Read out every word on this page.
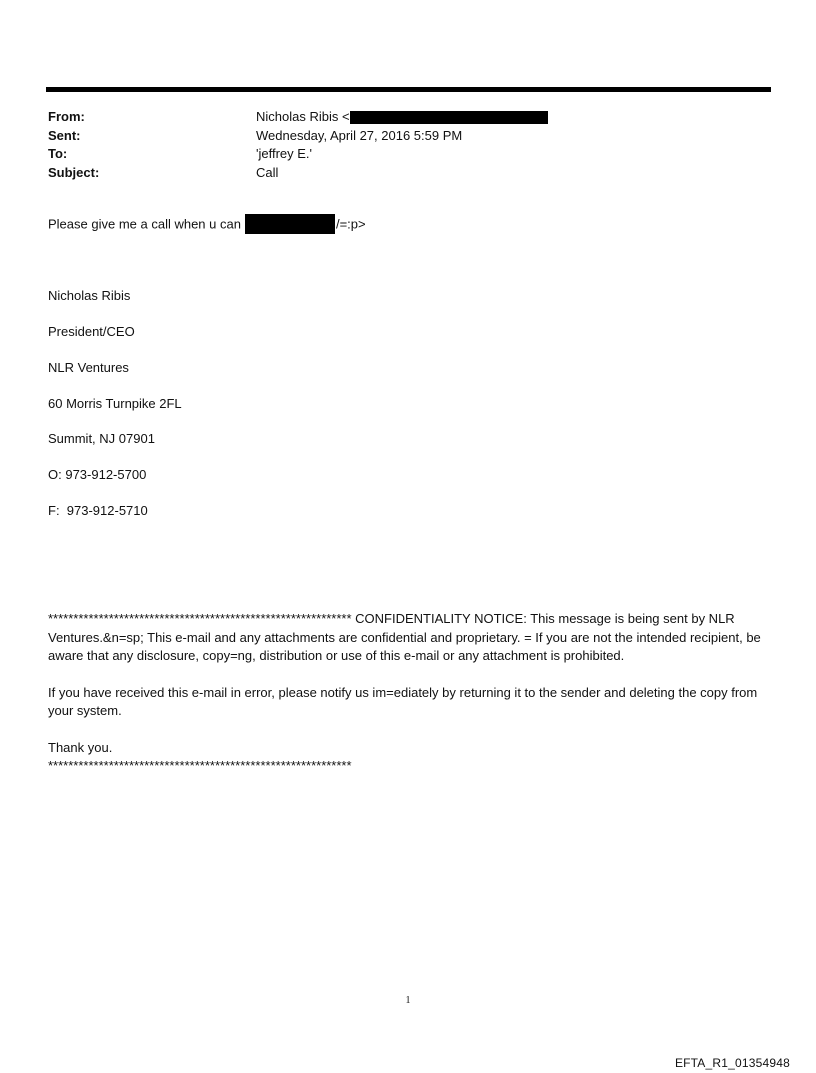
From:	Nicholas Ribis <
Sent:	Wednesday, April 27, 2016 5:59 PM
To:	'jeffrey E.'
Subject:	Call
Please give me a call when u can	/=:p>
Nicholas Ribis
President/CEO
NLR Ventures
60 Morris Turnpike 2FL
Summit, NJ 07901
O: 973-912-5700
F:  973-912-5710

************************************************************ CONFIDENTIALITY NOTICE: This message is being sent by NLR Ventures.&n=sp; This e-mail and any attachments are confidential and proprietary. = If you are not the intended recipient, be aware that any disclosure, copy=ng, distribution or use of this e-mail or any attachment is prohibited.

If you have received this e-mail in error, please notify us im=ediately by returning it to the sender and deleting the copy from your system.

Thank you.
************************************************************
1
EFTA_R1_01354948
